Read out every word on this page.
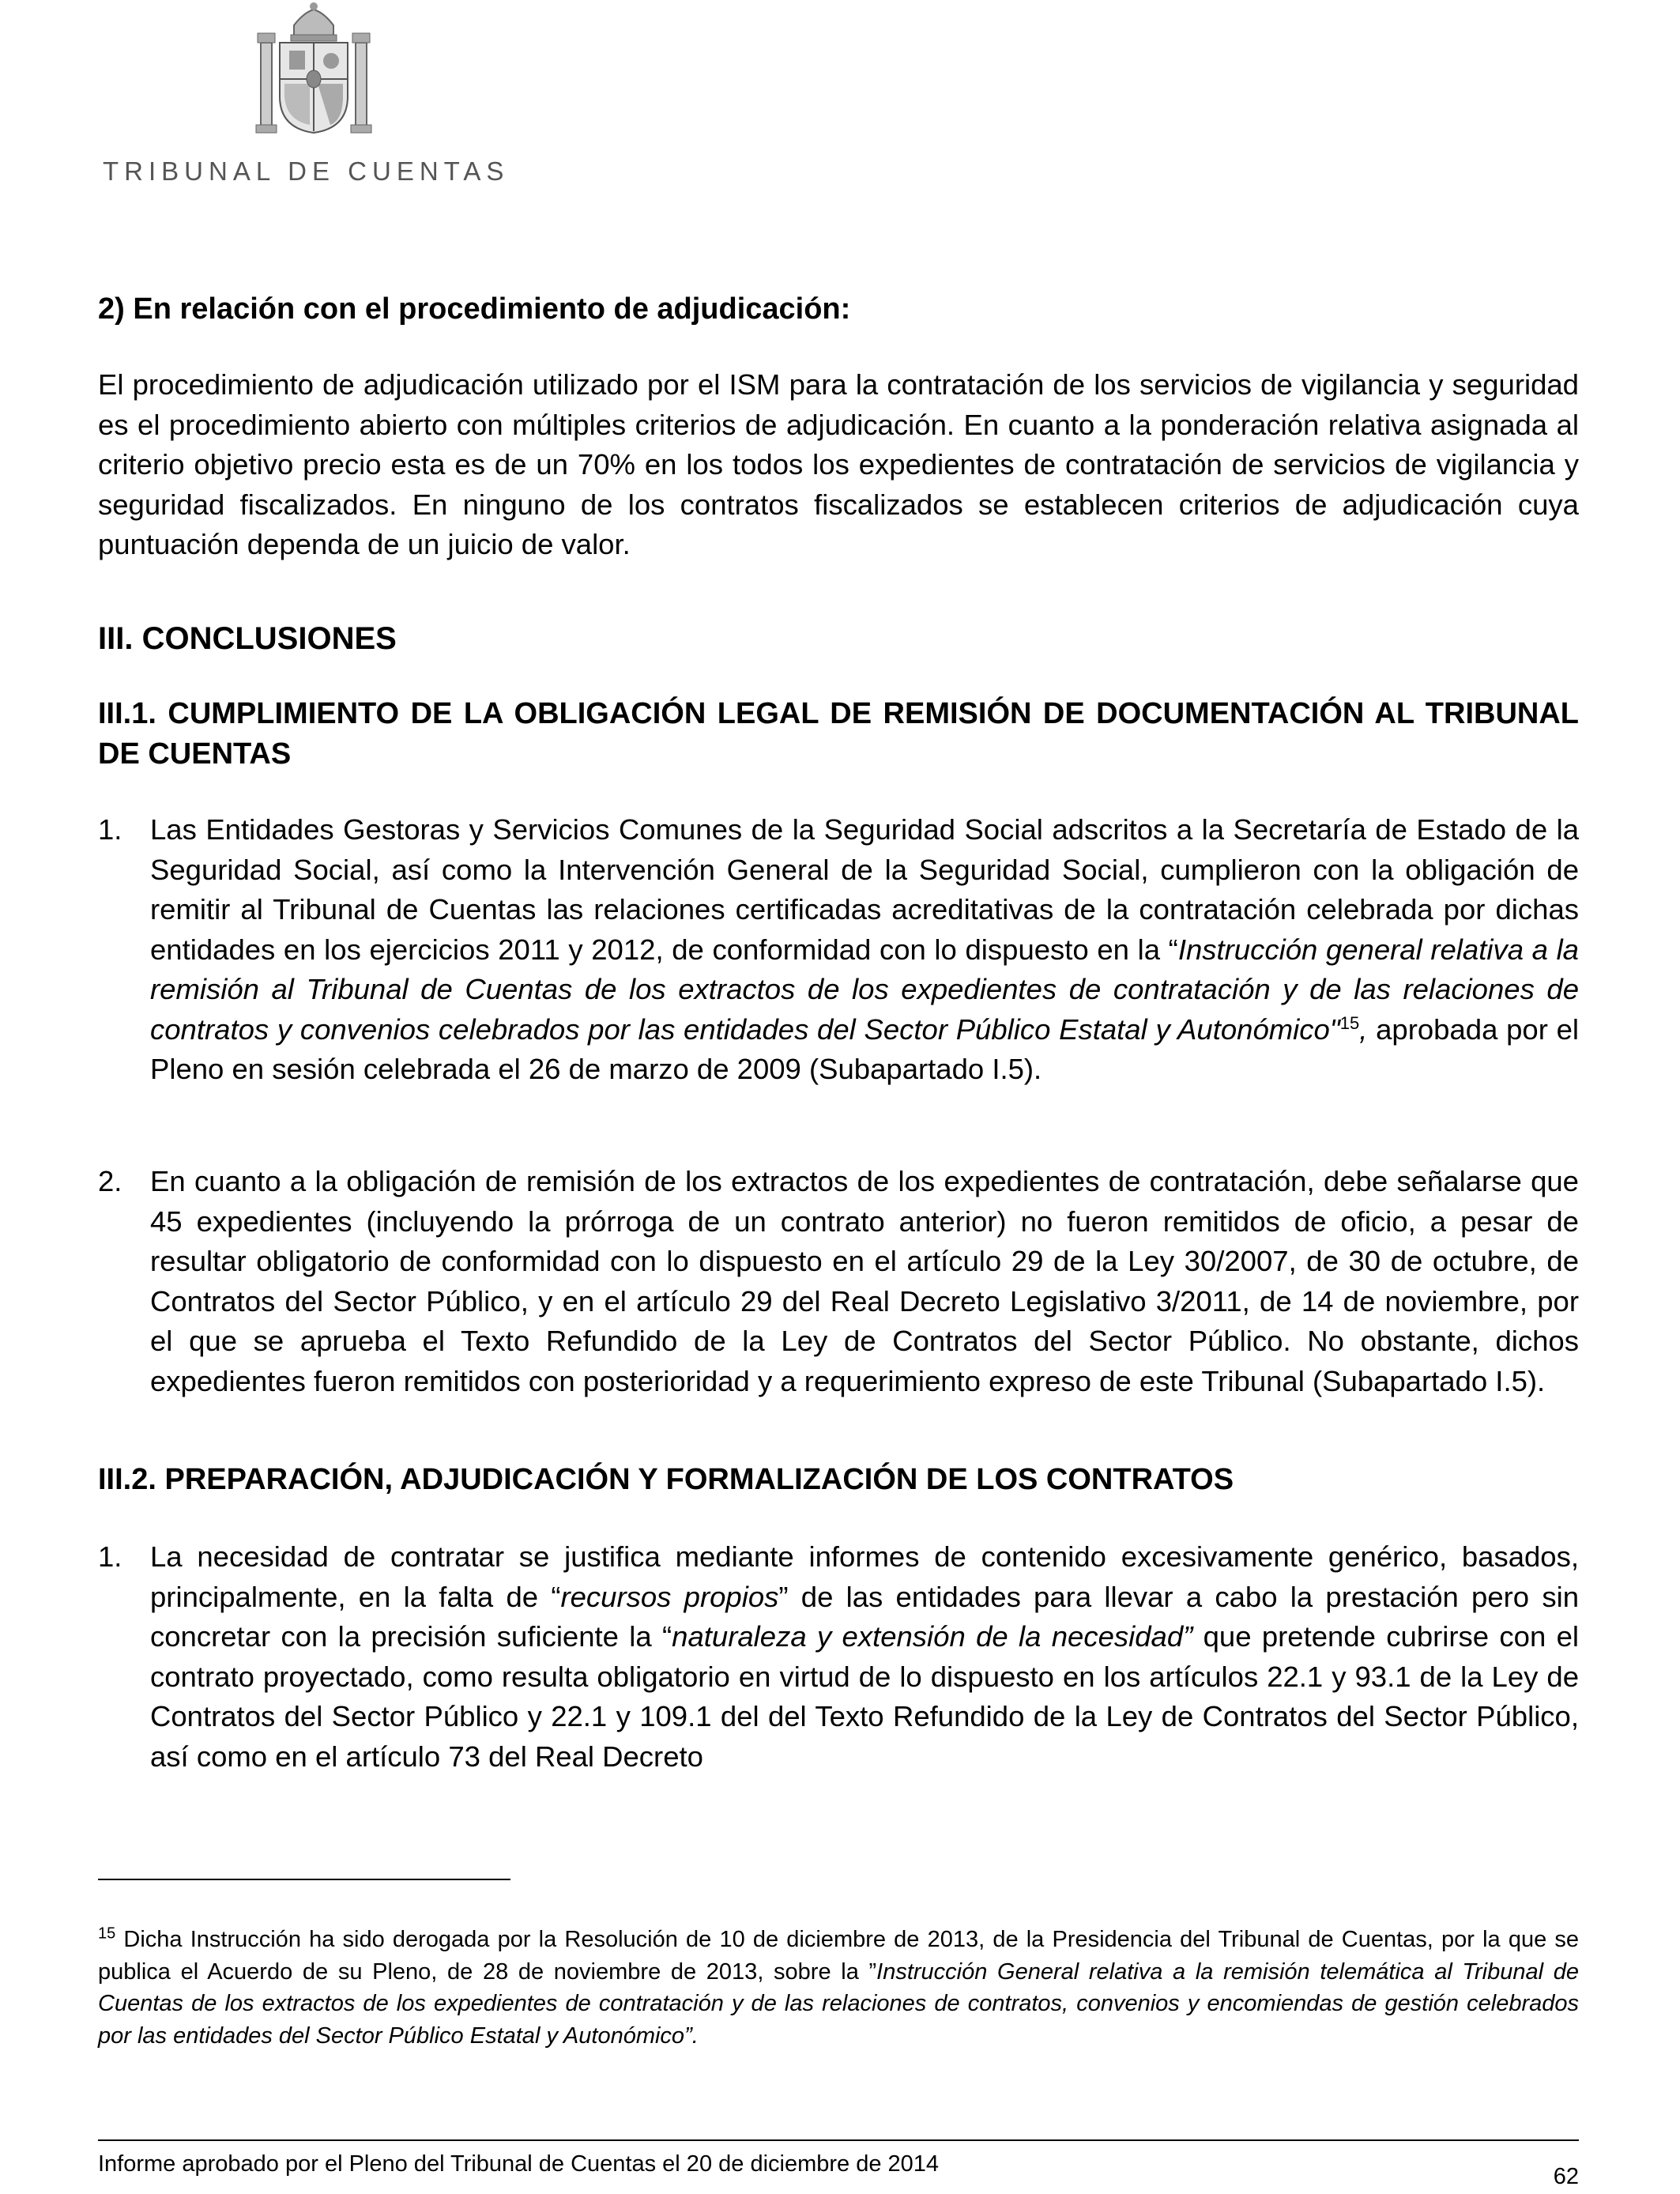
TRIBUNAL DE CUENTAS

2) En relación con el procedimiento de adjudicación:

El procedimiento de adjudicación utilizado por el ISM para la contratación de los servicios de vigilancia y seguridad es el procedimiento abierto con múltiples criterios de adjudicación. En cuanto a la ponderación relativa asignada al criterio objetivo precio esta es de un 70% en los todos los expedientes de contratación de servicios de vigilancia y seguridad fiscalizados. En ninguno de los contratos fiscalizados se establecen criterios de adjudicación cuya puntuación dependa de un juicio de valor.

III. CONCLUSIONES

III.1. CUMPLIMIENTO DE LA OBLIGACIÓN LEGAL DE REMISIÓN DE DOCUMENTACIÓN AL TRIBUNAL DE CUENTAS

1. Las Entidades Gestoras y Servicios Comunes de la Seguridad Social adscritos a la Secretaría de Estado de la Seguridad Social, así como la Intervención General de la Seguridad Social, cumplieron con la obligación de remitir al Tribunal de Cuentas las relaciones certificadas acreditativas de la contratación celebrada por dichas entidades en los ejercicios 2011 y 2012, de conformidad con lo dispuesto en la “Instrucción general relativa a la remisión al Tribunal de Cuentas de los extractos de los expedientes de contratación y de las relaciones de contratos y convenios celebrados por las entidades del Sector Público Estatal y Autonómico"$^{15}$, aprobada por el Pleno en sesión celebrada el 26 de marzo de 2009 (Subapartado I.5).
2. En cuanto a la obligación de remisión de los extractos de los expedientes de contratación, debe señalarse que 45 expedientes (incluyendo la prórroga de un contrato anterior) no fueron remitidos de oficio, a pesar de resultar obligatorio de conformidad con lo dispuesto en el artículo 29 de la Ley 30/2007, de 30 de octubre, de Contratos del Sector Público, y en el artículo 29 del Real Decreto Legislativo 3/2011, de 14 de noviembre, por el que se aprueba el Texto Refundido de la Ley de Contratos del Sector Público. No obstante, dichos expedientes fueron remitidos con posterioridad y a requerimiento expreso de este Tribunal (Subapartado I.5).

III.2. PREPARACIÓN, ADJUDICACIÓN Y FORMALIZACIÓN DE LOS CONTRATOS

1. La necesidad de contratar se justifica mediante informes de contenido excesivamente genérico, basados, principalmente, en la falta de “recursos propios” de las entidades para llevar a cabo la prestación pero sin concretar con la precisión suficiente la “naturaleza y extensión de la necesidad” que pretende cubrirse con el contrato proyectado, como resulta obligatorio en virtud de lo dispuesto en los artículos 22.1 y 93.1 de la Ley de Contratos del Sector Público y 22.1 y 109.1 del del Texto Refundido de la Ley de Contratos del Sector Público, así como en el artículo 73 del Real Decreto
$^{15}$ Dicha Instrucción ha sido derogada por la Resolución de 10 de diciembre de 2013, de la Presidencia del Tribunal de Cuentas, por la que se publica el Acuerdo de su Pleno, de 28 de noviembre de 2013, sobre la ”Instrucción General relativa a la remisión telemática al Tribunal de Cuentas de los extractos de los expedientes de contratación y de las relaciones de contratos, convenios y encomiendas de gestión celebrados por las entidades del Sector Público Estatal y Autonómico”.
62
Informe aprobado por el Pleno del Tribunal de Cuentas el 20 de diciembre de 2014
